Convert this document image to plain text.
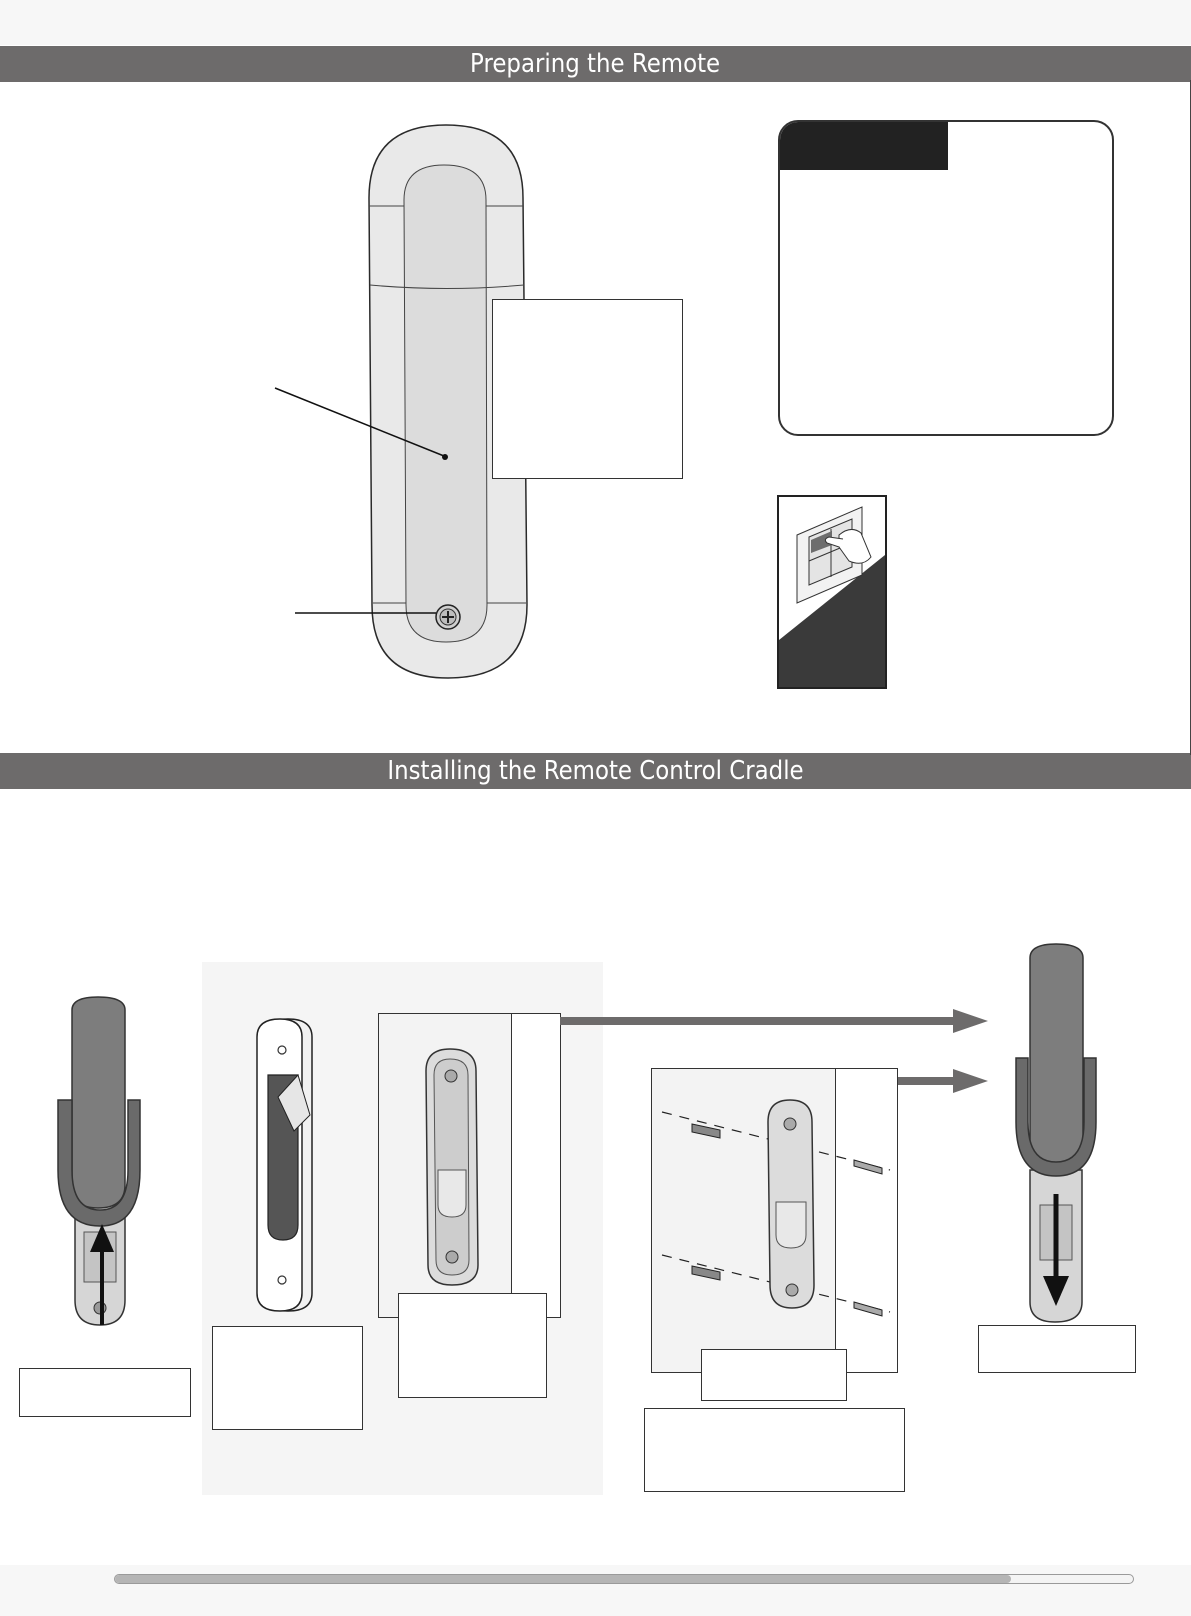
Preparing the Remote
Installing the Remote Control Cradle
